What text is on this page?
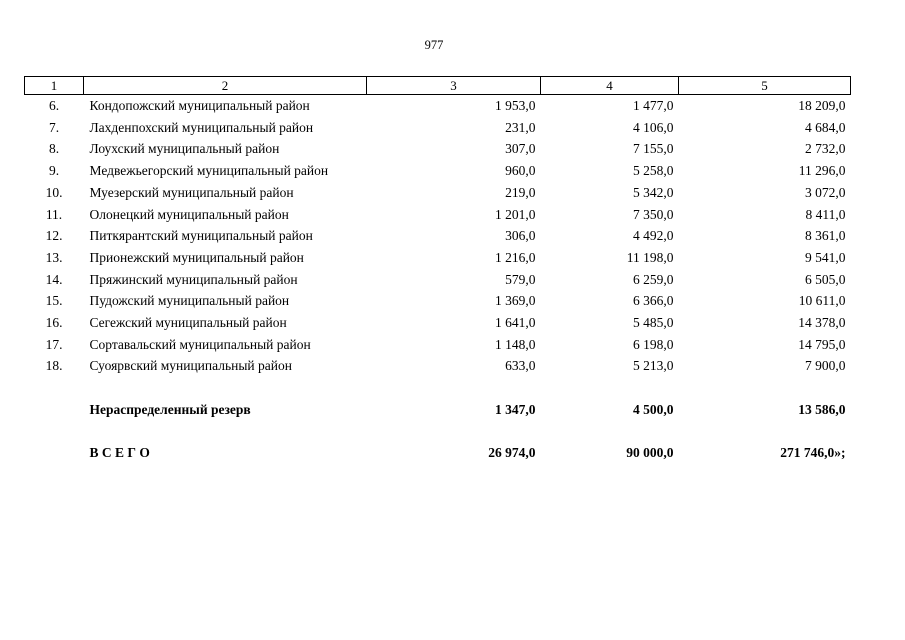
977
1	2	3	4	5
6.	Кондопожский муниципальный район	1 953,0	1 477,0	18 209,0
7.	Лахденпохский муниципальный район	231,0	4 106,0	4 684,0
8.	Лоухский муниципальный район	307,0	7 155,0	2 732,0
9.	Медвежьегорский муниципальный район	960,0	5 258,0	11 296,0
10.	Муезерский муниципальный район	219,0	5 342,0	3 072,0
11.	Олонецкий муниципальный район	1 201,0	7 350,0	8 411,0
12.	Питкярантский муниципальный район	306,0	4 492,0	8 361,0
13.	Прионежский муниципальный район	1 216,0	11 198,0	9 541,0
14.	Пряжинский муниципальный район	579,0	6 259,0	6 505,0
15.	Пудожский муниципальный район	1 369,0	6 366,0	10 611,0
16.	Сегежский муниципальный район	1 641,0	5 485,0	14 378,0
17.	Сортавальский муниципальный район	1 148,0	6 198,0	14 795,0
18.	Суоярвский муниципальный район	633,0	5 213,0	7 900,0

	Нераспределенный резерв	1 347,0	4 500,0	13 586,0

	В С Е Г О	26 974,0	90 000,0	271 746,0»;
